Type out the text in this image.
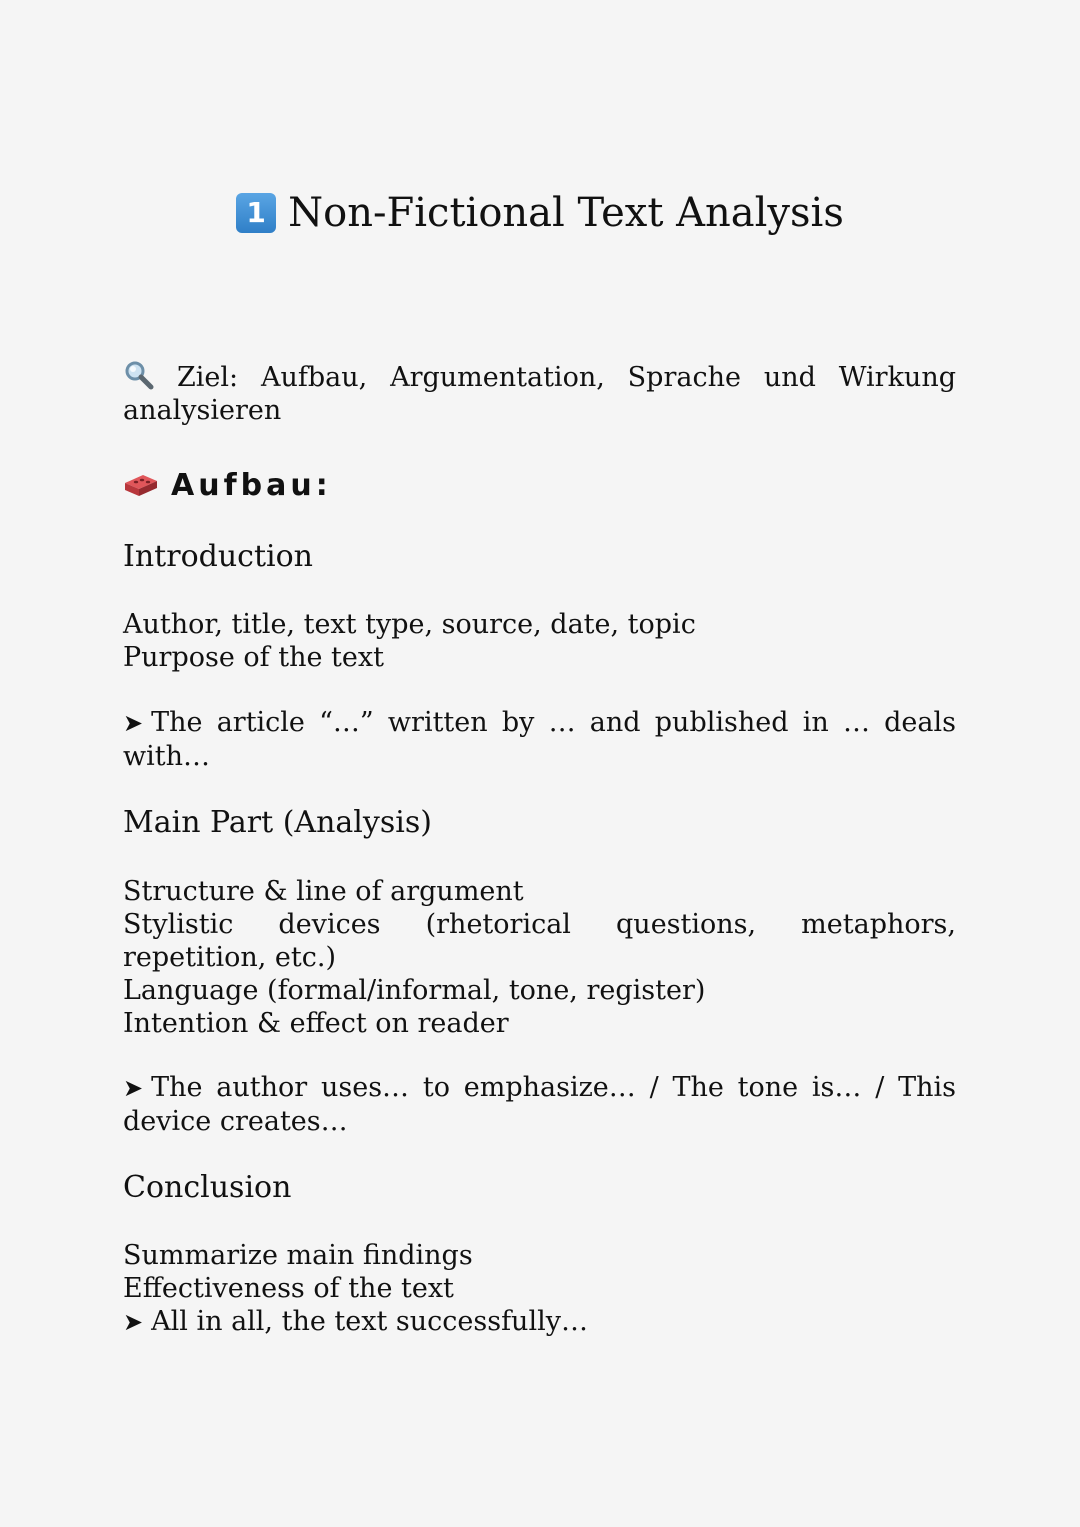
1 Non-Fictional Text Analysis
Ziel: Aufbau, Argumentation, Sprache und Wirkung
analysieren
Aufbau:
Introduction
Author, title, text type, source, date, topic
Purpose of the text
➤ The article “…” written by … and published in … deals
with…
Main Part (Analysis)
Structure & line of argument
Stylistic devices (rhetorical questions, metaphors,
repetition, etc.)
Language (formal/informal, tone, register)
Intention & effect on reader
➤ The author uses… to emphasize… / The tone is… / This
device creates…
Conclusion
Summarize main findings
Effectiveness of the text
➤ All in all, the text successfully…
